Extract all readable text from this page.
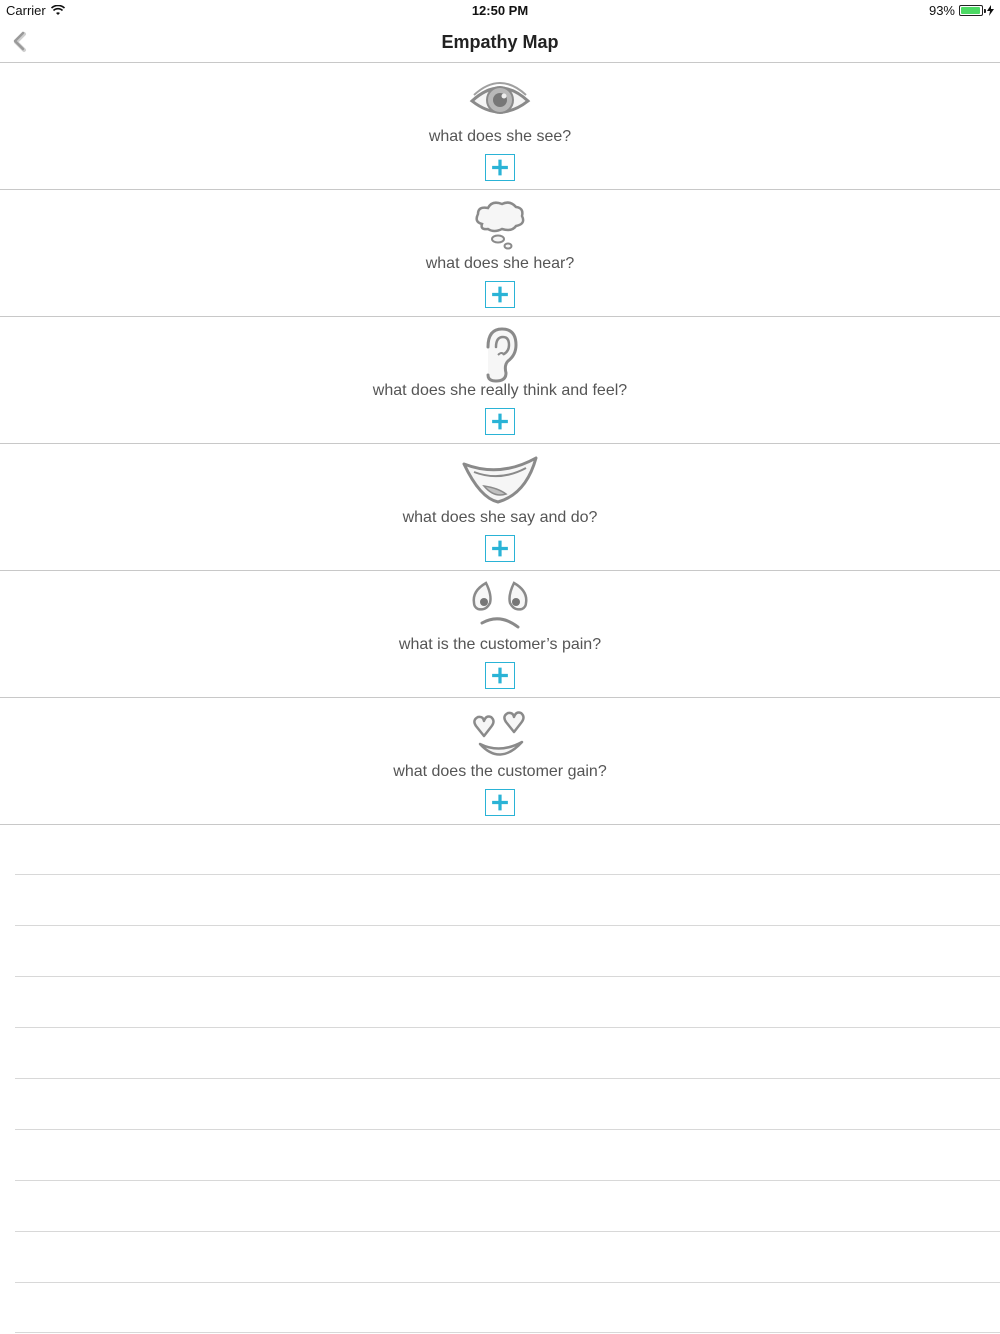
Carrier	12:50 PM	93%
Empathy Map
what does she see?
what does she hear?
what does she really think and feel?
what does she say and do?
what is the customer’s pain?
what does the customer gain?
